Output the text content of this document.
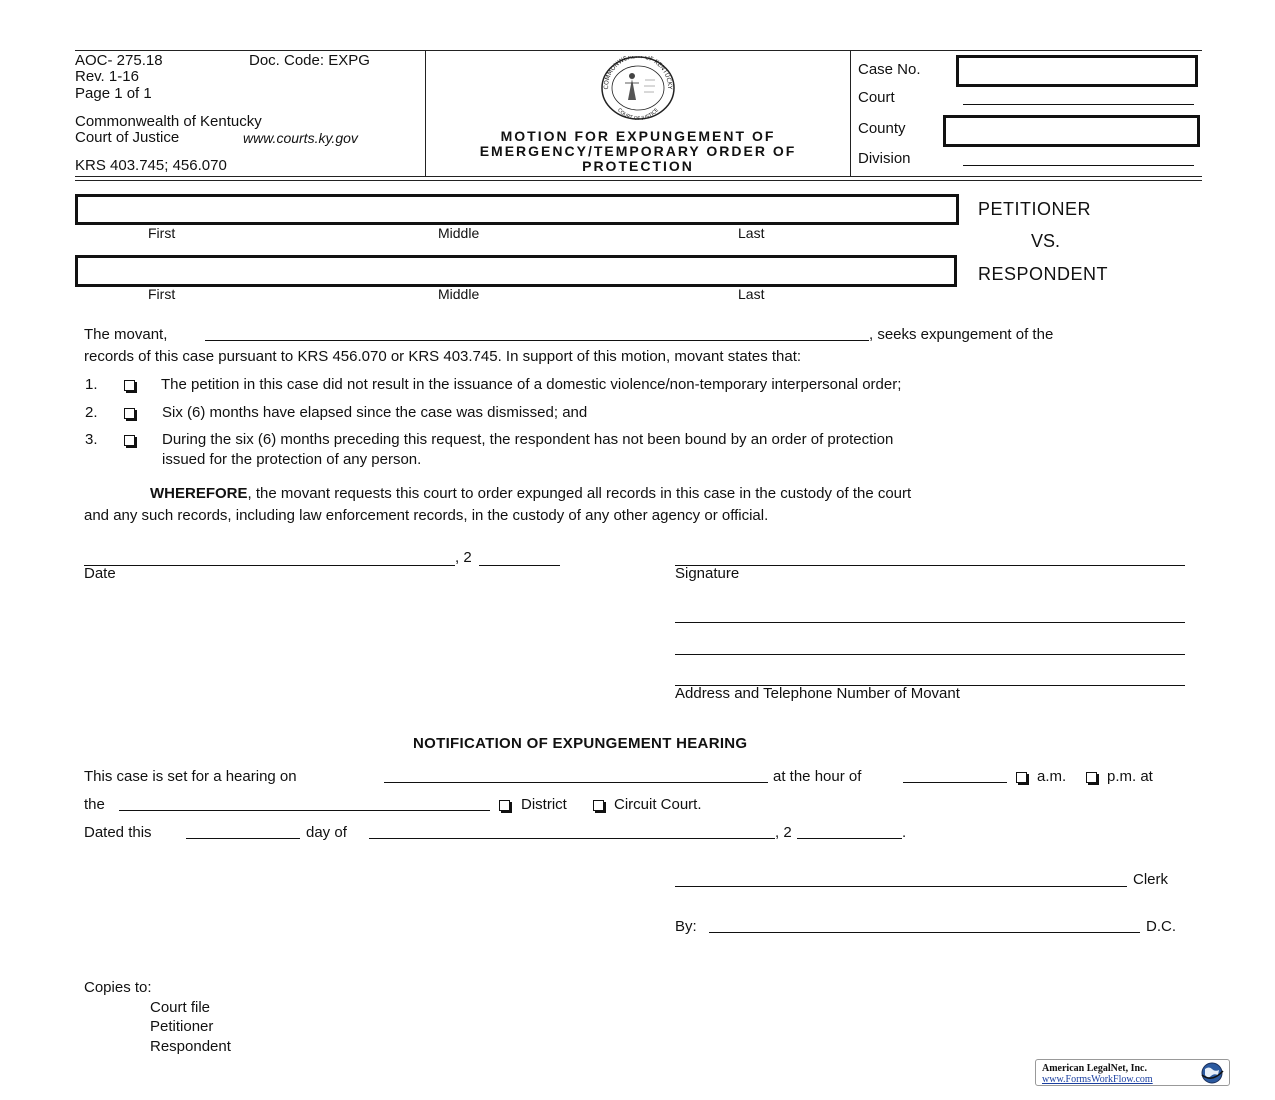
AOC- 275.18	Doc. Code: EXPG
Rev. 1-16
Page 1 of 1
Commonwealth of Kentucky
Court of Justice	www.courts.ky.gov
KRS 403.745; 456.070
COMMONWEALTH OF KENTUCKY
COURT OF JUSTICE
MOTION FOR EXPUNGEMENT OF
EMERGENCY/TEMPORARY ORDER OF
PROTECTION
Case No.
Court
County
Division
First	Middle	Last
First	Middle	Last
PETITIONER
VS.
RESPONDENT
The movant,	, seeks expungement of the
records of this case pursuant to KRS 456.070 or KRS 403.745. In support of this motion, movant states that:
1.	The petition in this case did not result in the issuance of a domestic violence/non-temporary interpersonal order;
2.	Six (6) months have elapsed since the case was dismissed; and
3.	During the six (6) months preceding this request, the respondent has not been bound by an order of protection
issued for the protection of any person.
WHEREFORE, the movant requests this court to order expunged all records in this case in the custody of the court
and any such records, including law enforcement records, in the custody of any other agency or official.
, 2
Date	Signature
Address and Telephone Number of Movant
NOTIFICATION OF EXPUNGEMENT HEARING
This case is set for a hearing on	at the hour of	a.m.	p.m. at
the	District	Circuit Court.
Dated this	day of	, 2	.
Clerk
By:	D.C.
Copies to:
Court file
Petitioner
Respondent
American LegalNet, Inc.
www.FormsWorkFlow.com
